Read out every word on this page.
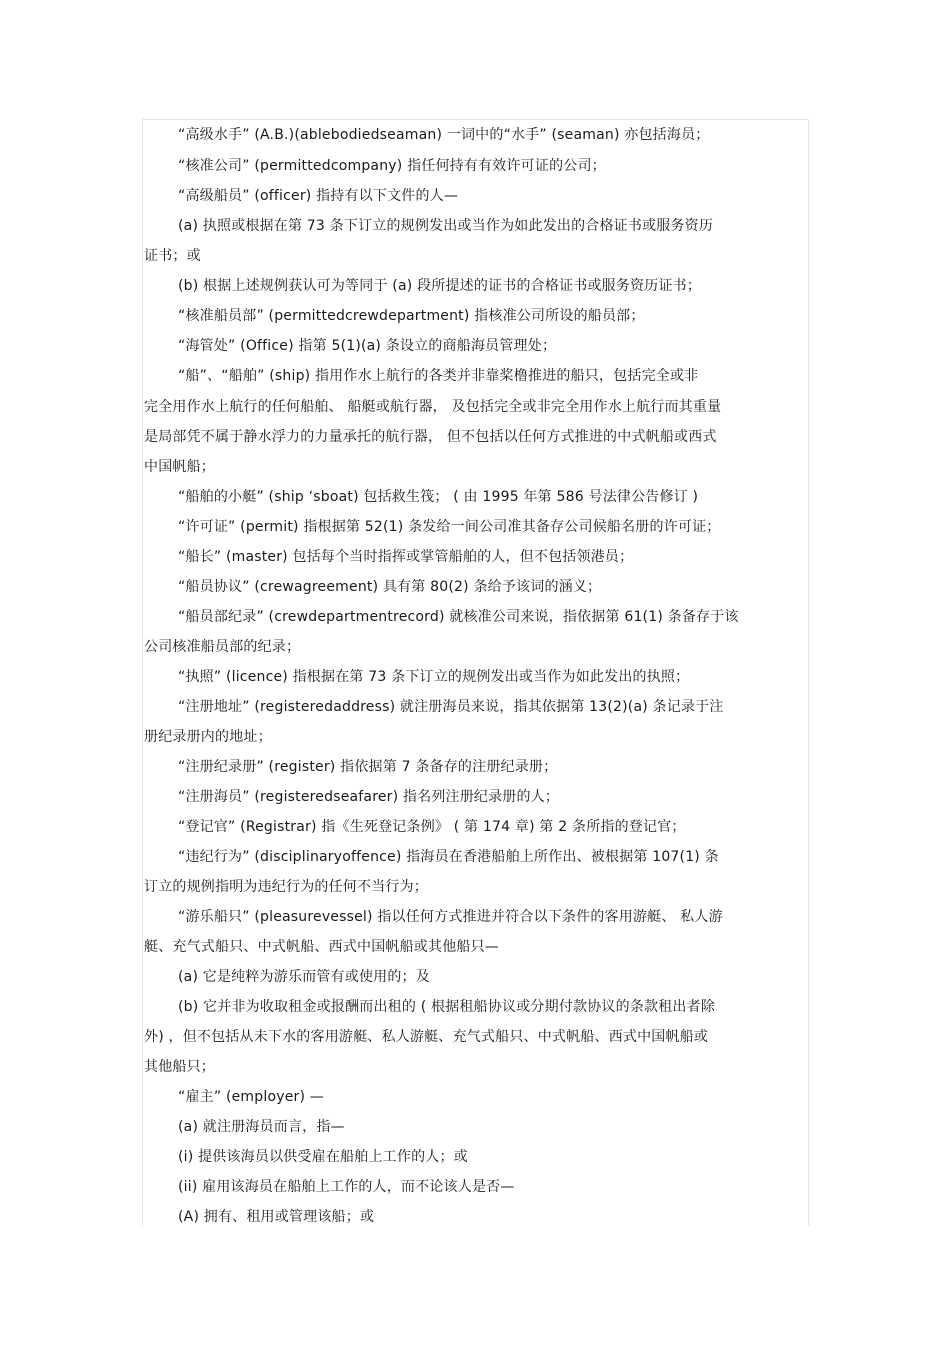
“高级水手” (A.B.)(ablebodiedseaman) 一词中的“水手” (seaman) 亦包括海员；
“核准公司” (permittedcompany) 指任何持有有效许可证的公司；
“高级船员” (officer) 指持有以下文件的人—
(a) 执照或根据在第 73 条下订立的规例发出或当作为如此发出的合格证书或服务资历
证书；或
(b) 根据上述规例获认可为等同于 (a) 段所提述的证书的合格证书或服务资历证书；
“核准船员部” (permittedcrewdepartment) 指核准公司所设的船员部；
“海管处” (Office) 指第 5(1)(a) 条设立的商船海员管理处；
“船”、“船舶” (ship) 指用作水上航行的各类并非靠桨橹推进的船只，包括完全或非
完全用作水上航行的任何船舶、 船艇或航行器， 及包括完全或非完全用作水上航行而其重量
是局部凭不属于静水浮力的力量承托的航行器， 但不包括以任何方式推进的中式帆船或西式
中国帆船；
“船舶的小艇” (ship ‘sboat) 包括救生筏； ( 由 1995 年第 586 号法律公告修订 )
“许可证” (permit) 指根据第 52(1) 条发给一间公司准其备存公司候船名册的许可证；
“船长” (master) 包括每个当时指挥或掌管船舶的人，但不包括领港员；
“船员协议” (crewagreement) 具有第 80(2) 条给予该词的涵义；
“船员部纪录” (crewdepartmentrecord) 就核准公司来说，指依据第 61(1) 条备存于该
公司核准船员部的纪录；
“执照” (licence) 指根据在第 73 条下订立的规例发出或当作为如此发出的执照；
“注册地址” (registeredaddress) 就注册海员来说，指其依据第 13(2)(a) 条记录于注
册纪录册内的地址；
“注册纪录册” (register) 指依据第 7 条备存的注册纪录册；
“注册海员” (registeredseafarer) 指名列注册纪录册的人；
“登记官” (Registrar) 指《生死登记条例》 ( 第 174 章) 第 2 条所指的登记官；
“违纪行为” (disciplinaryoffence) 指海员在香港船舶上所作出、被根据第 107(1) 条
订立的规例指明为违纪行为的任何不当行为；
“游乐船只” (pleasurevessel) 指以任何方式推进并符合以下条件的客用游艇、 私人游
艇、充气式船只、中式帆船、西式中国帆船或其他船只—
(a) 它是纯粹为游乐而管有或使用的；及
(b) 它并非为收取租金或报酬而出租的 ( 根据租船协议或分期付款协议的条款租出者除
外) ，但不包括从未下水的客用游艇、私人游艇、充气式船只、中式帆船、西式中国帆船或
其他船只；
“雇主” (employer) —
(a) 就注册海员而言，指—
(i) 提供该海员以供受雇在船舶上工作的人；或
(ii) 雇用该海员在船舶上工作的人，而不论该人是否—
(A) 拥有、租用或管理该船；或
